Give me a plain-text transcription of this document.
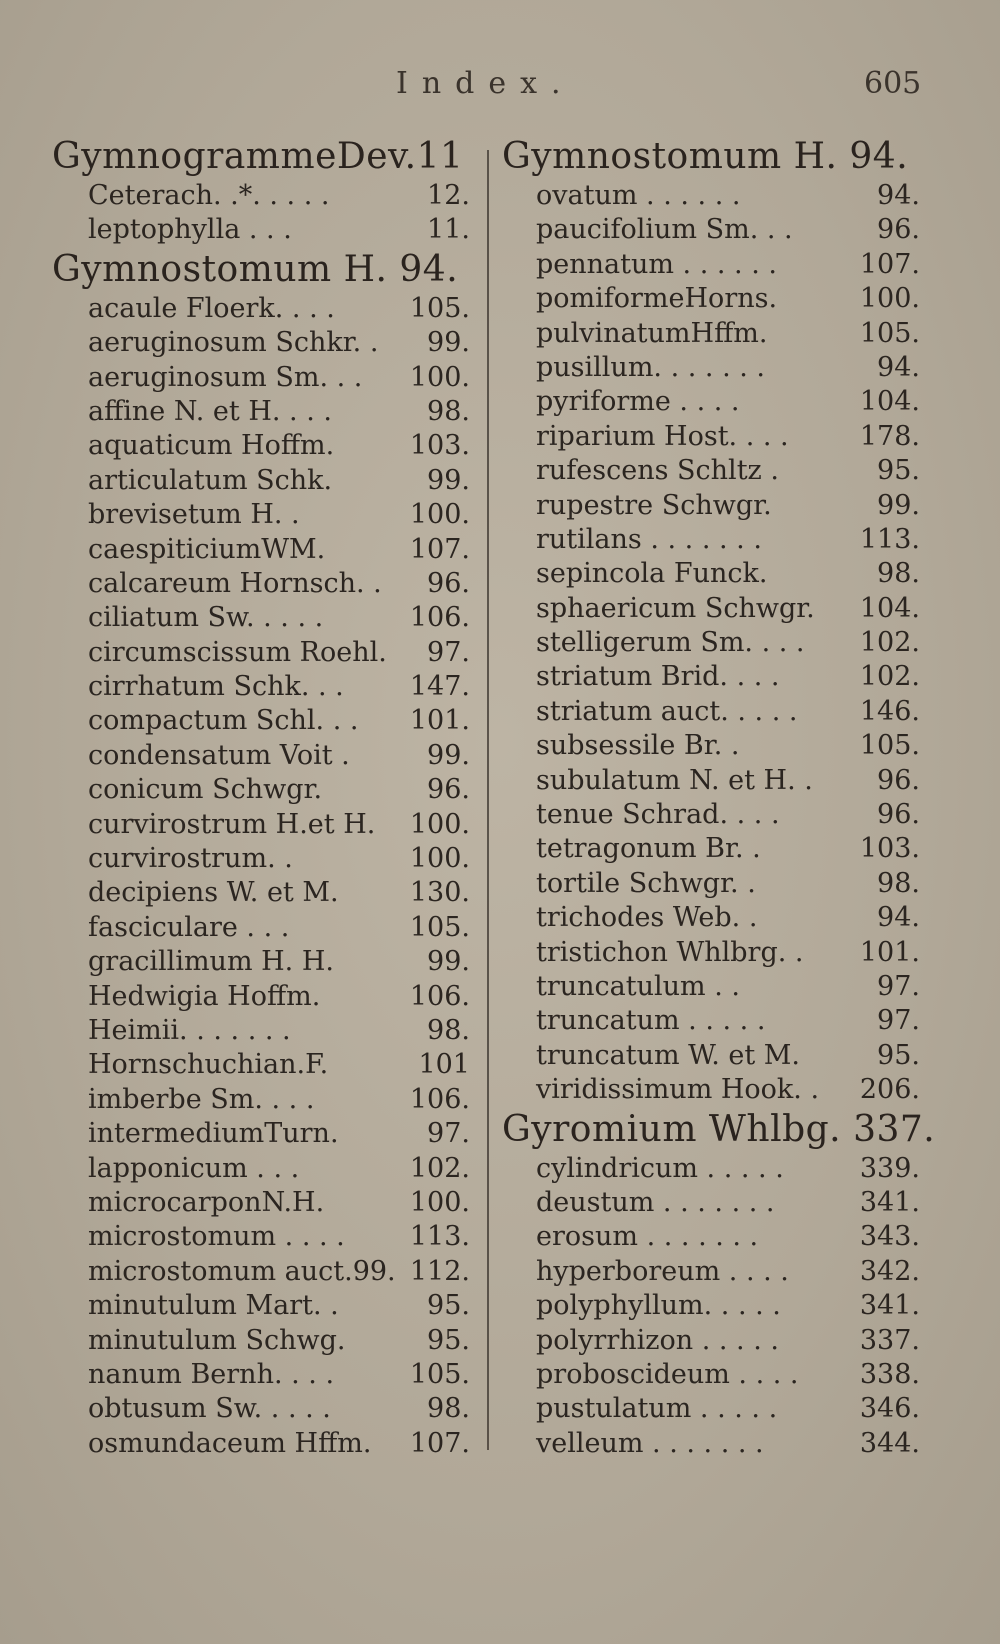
Index.	605
GymnogrammeDev.11
Ceterach. .*. . . . .	12.
leptophylla . . .	11.
Gymnostomum H. 94.
acaule Floerk. . . .	105.
aeruginosum Schkr. . 99.
aeruginosum Sm. . . 100.
affine N. et H. . . .	98.
aquaticum Hoffm.	103.
articulatum Schk.	99.
brevisetum H. .	100.
caespiticiumWM.	107.
calcareum Hornsch. . 96.
ciliatum Sw. . . . .	106.
circumscissum Roehl. 97.
cirrhatum Schk. . . 147.
compactum Schl. . . 101.
condensatum Voit .	99.
conicum Schwgr.	96.
curvirostrum H.et H. 100.
curvirostrum. .	100.
decipiens W. et M.	130.
fasciculare . . .	105.
gracillimum H. H.	99.
Hedwigia Hoffm.	106.
Heimii. . . . . . .	98.
Hornschuchian.F.	101
imberbe Sm. . . .	106.
intermediumTurn.	97.
lapponicum . . .	102.
microcarponN.H.	100.
microstomum . . . . 113.
microstomum auct.99. 112.
minutulum Mart. .	95.
minutulum Schwg.	95.
nanum Bernh. . . .	105.
obtusum Sw. . . . .	98.
osmundaceum Hffm. 107.
Gymnostomum H. 94.
ovatum . . . . . .	94.
paucifolium Sm. . .	96.
pennatum . . . . . .	107.
pomiformeHorns.	100.
pulvinatumHffm.	105.
pusillum. . . . . . .	94.
pyriforme . . . .	104.
riparium Host. . . .	178.
rufescens Schltz .	95.
rupestre Schwgr.	99.
rutilans . . . . . . .	113.
sepincola Funck.	98.
sphaericum Schwgr. 104.
stelligerum Sm. . . . 102.
striatum Brid. . . .	102.
striatum auct. . . . . 146.
subsessile Br. .	105.
subulatum N. et H. . 96.
tenue Schrad. . . .	96.
tetragonum Br. .	103.
tortile Schwgr. .	98.
trichodes Web. .	94.
tristichon Whlbrg. . 101.
truncatulum . .	97.
truncatum . . . . .	97.
truncatum W. et M.	95.
viridissimum Hook. . 206.
Gyromium Whlbg. 337.
cylindricum . . . . .	339.
deustum . . . . . . .	341.
erosum . . . . . . .	343.
hyperboreum . . . .	342.
polyphyllum. . . . .	341.
polyrrhizon . . . . .	337.
proboscideum . . . . 338.
pustulatum . . . . .	346.
velleum . . . . . . .	344.
